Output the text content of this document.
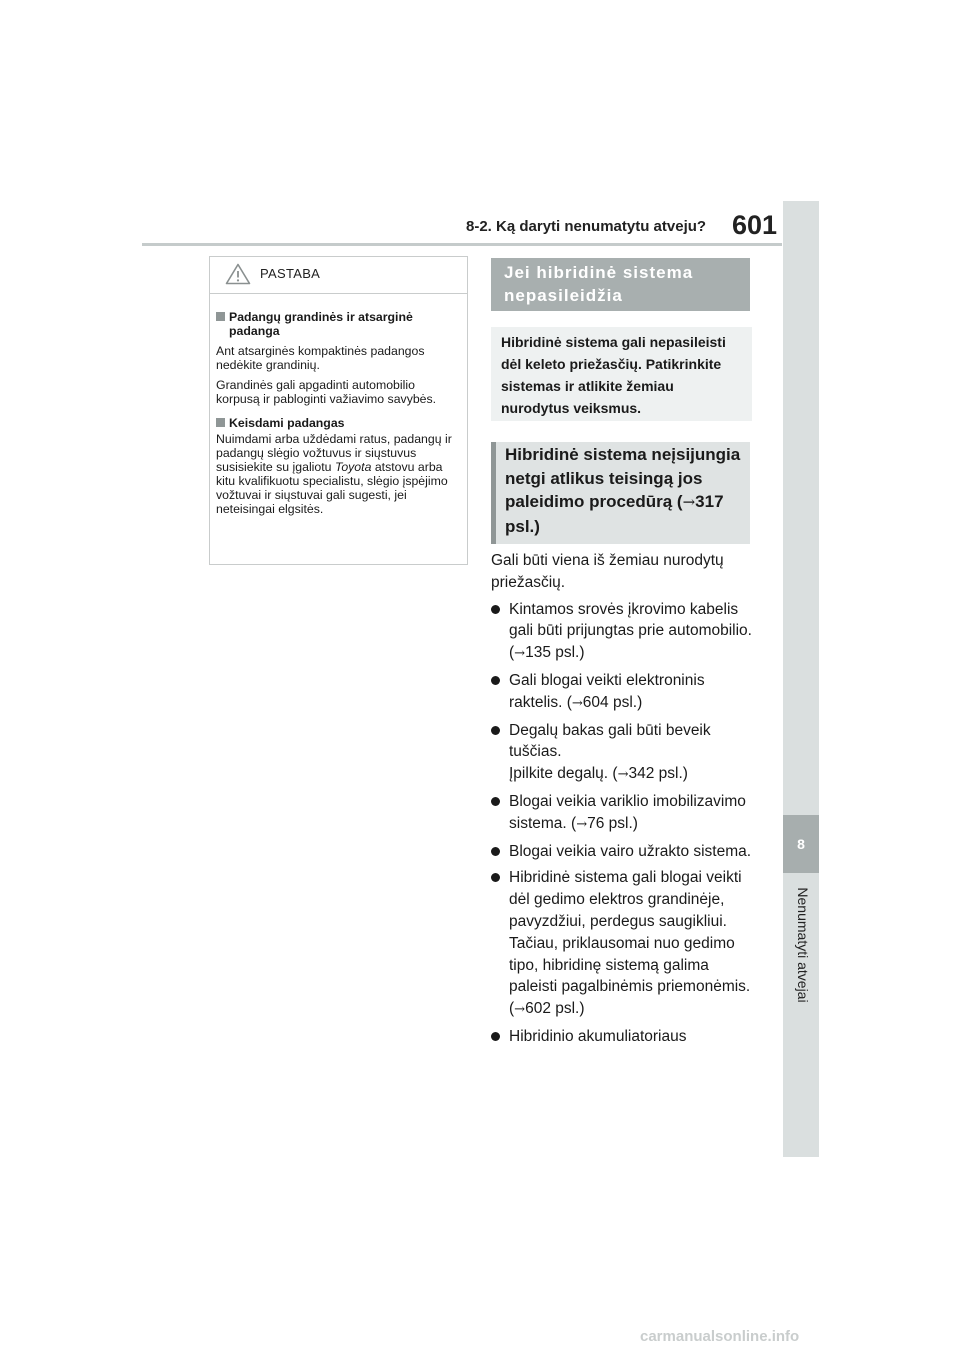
8-2. Ką daryti nenumatytu atveju? 601
8
Nenumatyti atvejai
PASTABA

Padangų grandinės ir atsarginė padanga

Ant atsarginės kompaktinės padangos nedėkite grandinių.

Grandinės gali apgadinti automobilio korpusą ir pabloginti važiavimo savybės.

Keisdami padangas

Nuimdami arba uždėdami ratus, padangų ir padangų slėgio vožtuvus ir siųstuvus susisiekite su įgaliotu Toyota atstovu arba kitu kvalifikuotu specialistu, slėgio įspėjimo vožtuvai ir siųstuvai gali sugesti, jei neteisingai elgsitės.

Jei hibridinė sistema nepasileidžia
Hibridinė sistema gali nepasileisti dėl keleto priežasčių. Patikrinkite sistemas ir atlikite žemiau nurodytus veiksmus.
Hibridinė sistema neįsijungia netgi atlikus teisingą jos paleidimo procedūrą (→317 psl.)

Gali būti viena iš žemiau nurodytų priežasčių.

Kintamos srovės įkrovimo kabelis gali būti prijungtas prie automobilio. (→135 psl.)
Gali blogai veikti elektroninis raktelis. (→604 psl.)
Degalų bakas gali būti beveik tuščias.
Įpilkite degalų. (→342 psl.)
Blogai veikia variklio imobilizavimo sistema. (→76 psl.)
Blogai veikia vairo užrakto sistema.
Hibridinė sistema gali blogai veikti dėl gedimo elektros grandinėje, pavyzdžiui, perdegus saugikliui. Tačiau, priklausomai nuo gedimo tipo, hibridinę sistemą galima paleisti pagalbinėmis priemonėmis. (→602 psl.)
Hibridinio akumuliatoriaus
carmanualsonline.info
